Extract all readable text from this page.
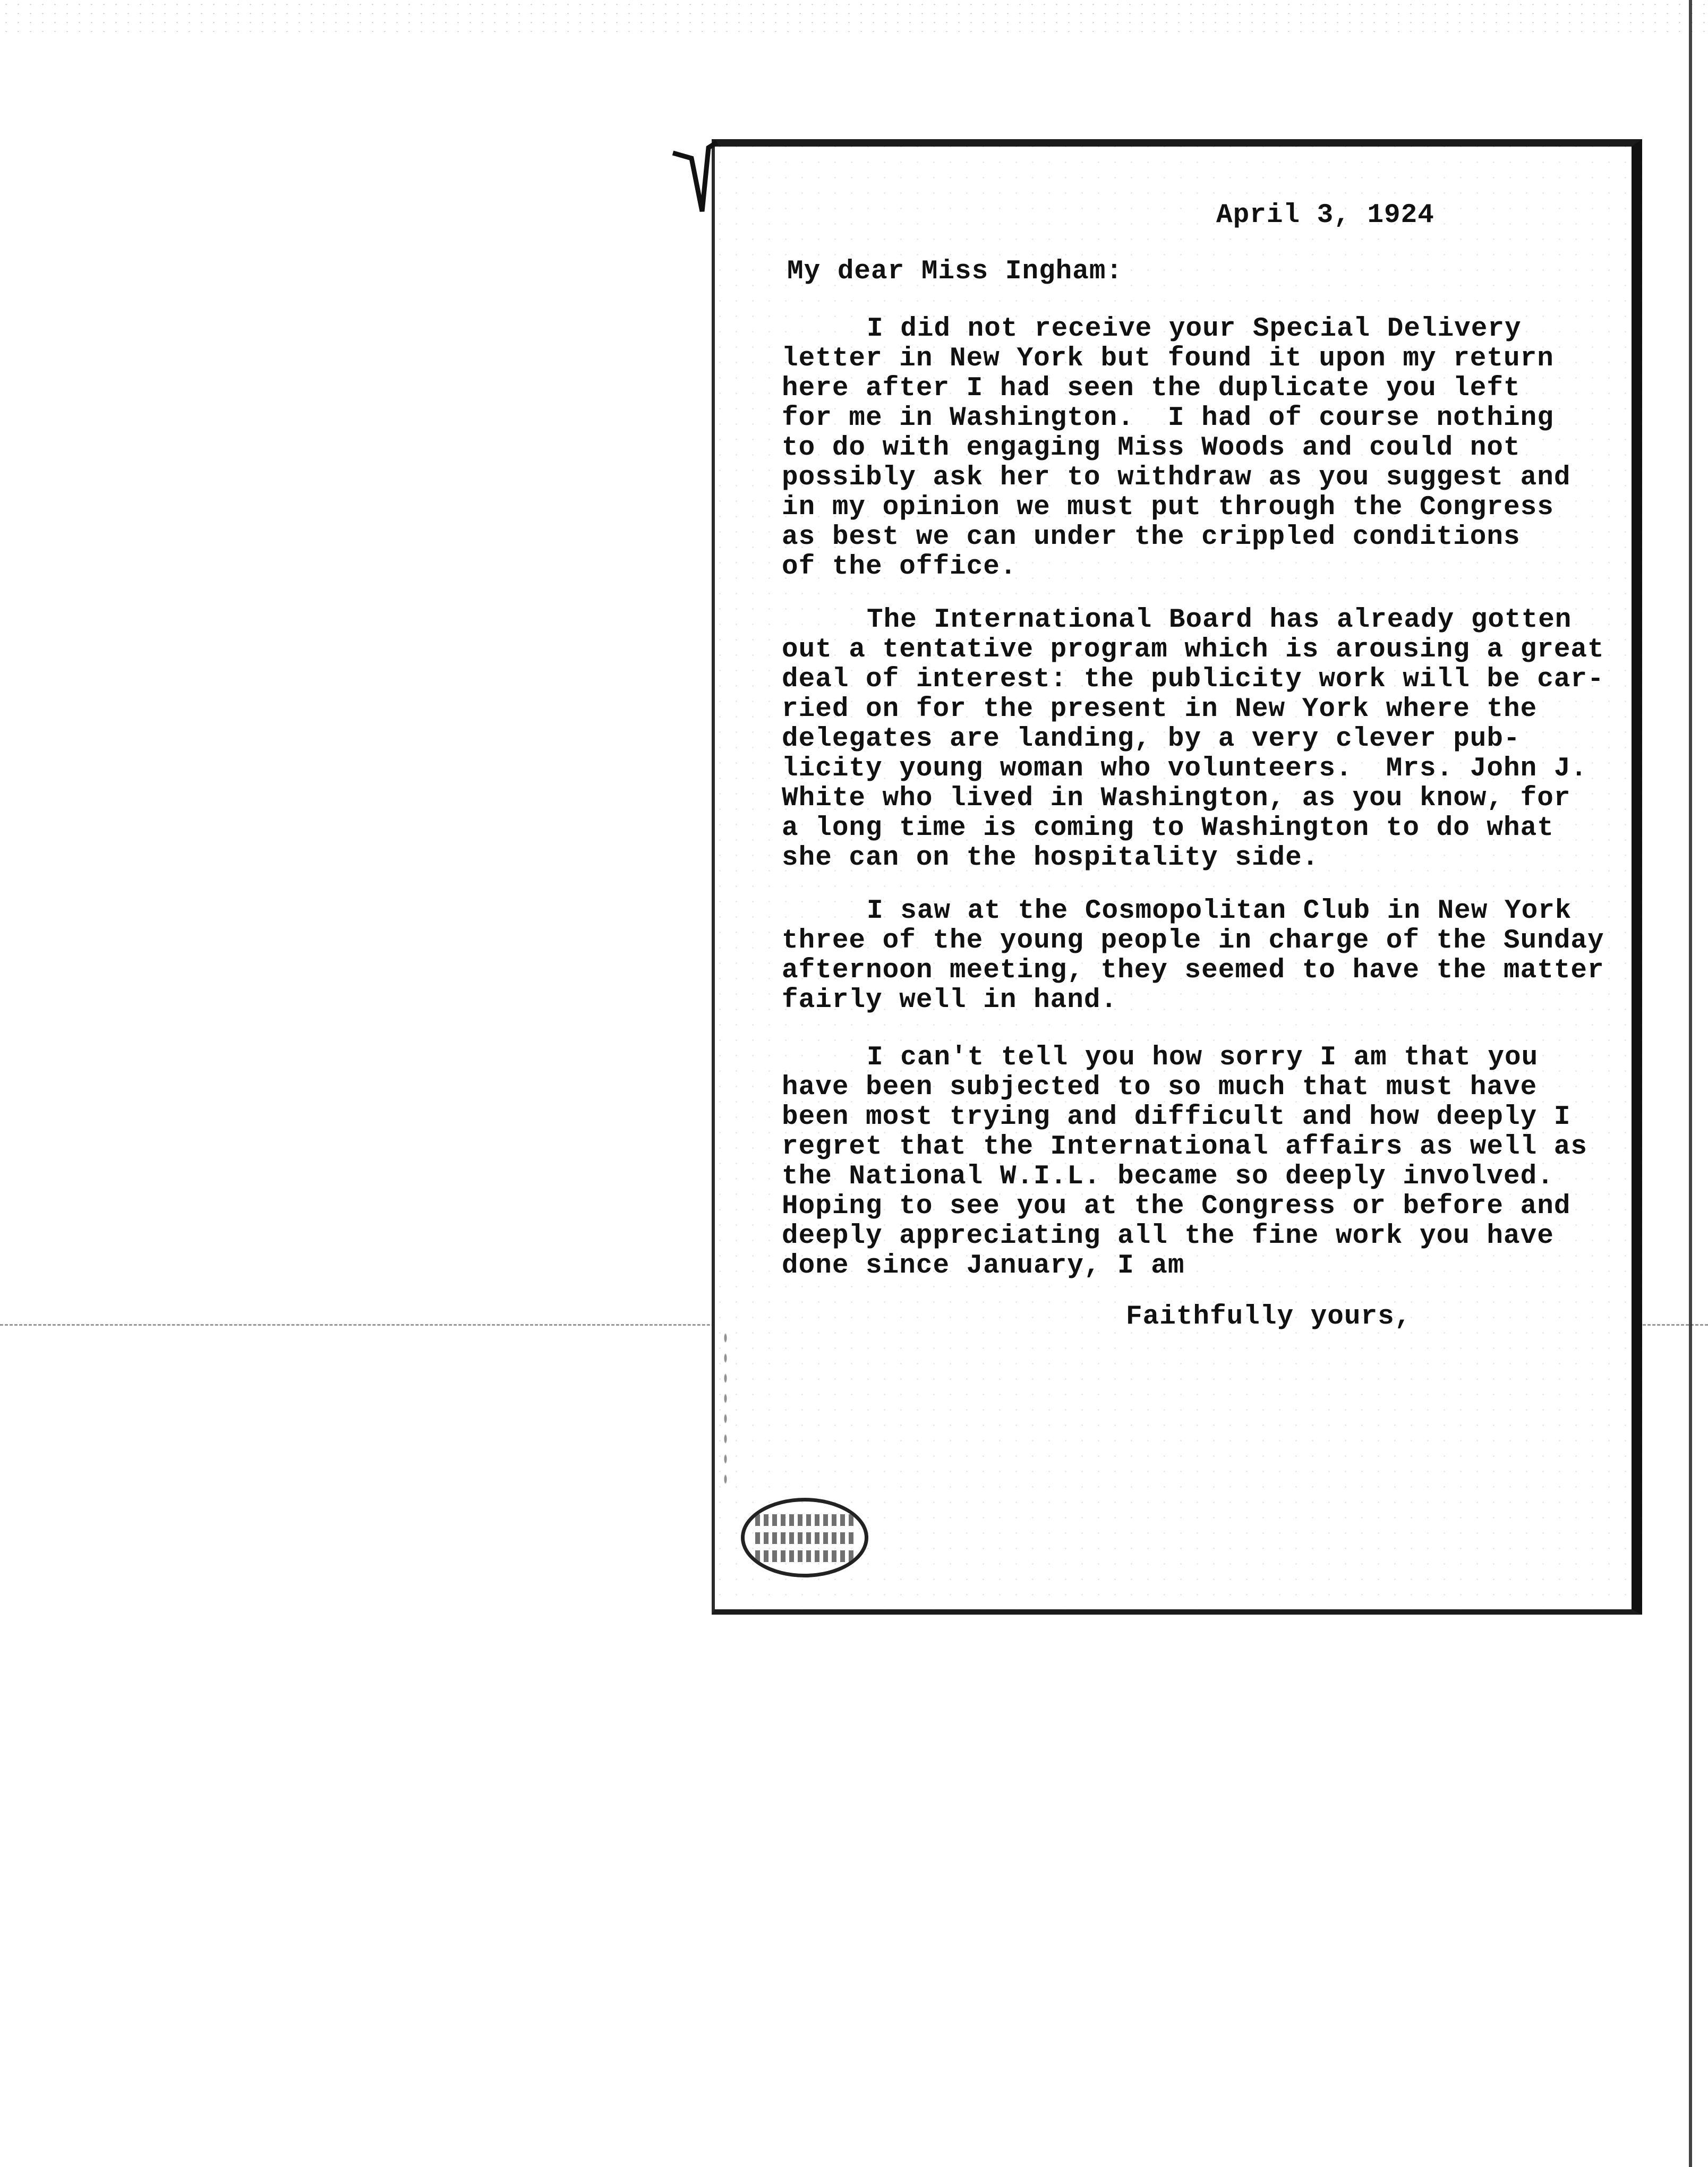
April 3, 1924

My dear Miss Ingham:

I did not receive your Special Delivery
letter in New York but found it upon my return
here after I had seen the duplicate you left
for me in Washington.  I had of course nothing
to do with engaging Miss Woods and could not
possibly ask her to withdraw as you suggest and
in my opinion we must put through the Congress
as best we can under the crippled conditions
of the office.
The International Board has already gotten
out a tentative program which is arousing a great
deal of interest: the publicity work will be car-
ried on for the present in New York where the
delegates are landing, by a very clever pub-
licity young woman who volunteers.  Mrs. John J.
White who lived in Washington, as you know, for
a long time is coming to Washington to do what
she can on the hospitality side.
I saw at the Cosmopolitan Club in New York
three of the young people in charge of the Sunday
afternoon meeting, they seemed to have the matter
fairly well in hand.
I can't tell you how sorry I am that you
have been subjected to so much that must have
been most trying and difficult and how deeply I
regret that the International affairs as well as
the National W.I.L. became so deeply involved.
Hoping to see you at the Congress or before and
deeply appreciating all the fine work you have
done since January, I am

Faithfully yours,
